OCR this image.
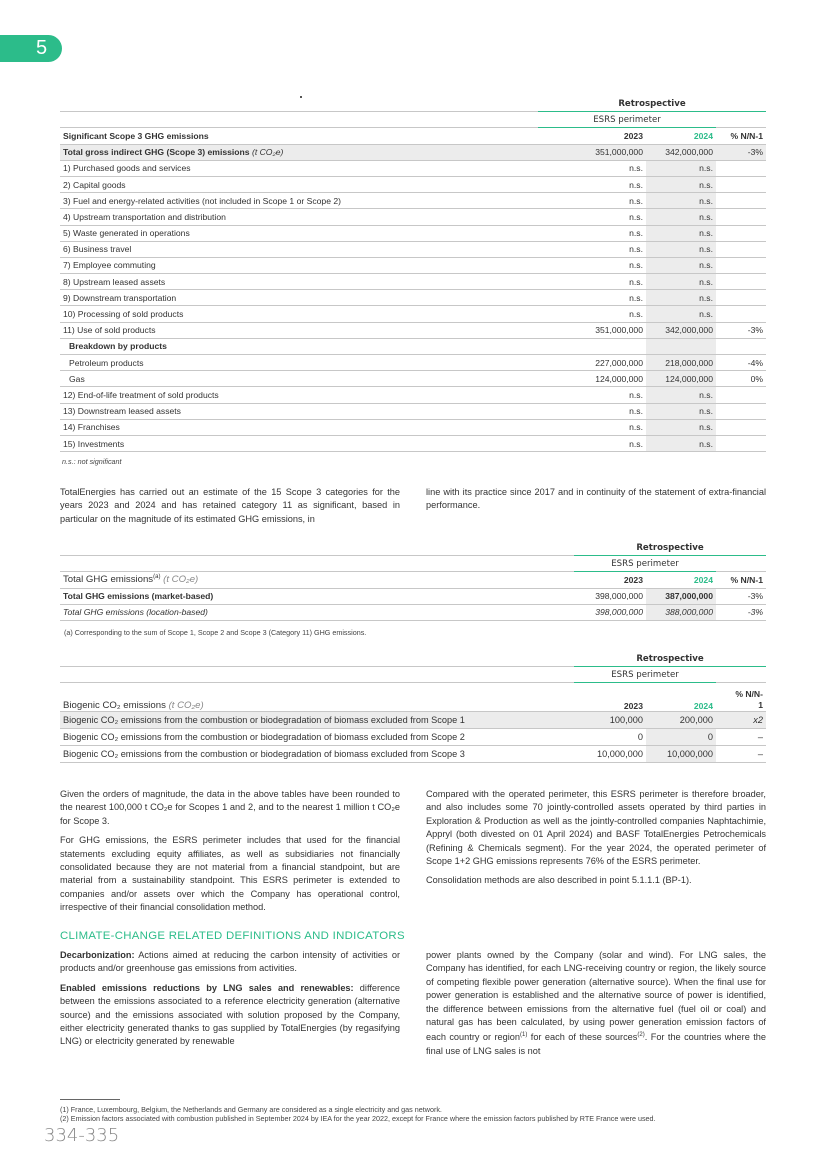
5
	Retrospective		
	ESRS perimeter		
Significant Scope 3 GHG emissions	2023	2024	% N/N-1
Total gross indirect GHG (Scope 3) emissions (t CO₂e)	351,000,000	342,000,000	-3%
1) Purchased goods and services	n.s.	n.s.	
2) Capital goods	n.s.	n.s.	
3) Fuel and energy-related activities (not included in Scope 1 or Scope 2)	n.s.	n.s.	
4) Upstream transportation and distribution	n.s.	n.s.	
5) Waste generated in operations	n.s.	n.s.	
6) Business travel	n.s.	n.s.	
7) Employee commuting	n.s.	n.s.	
8) Upstream leased assets	n.s.	n.s.	
9) Downstream transportation	n.s.	n.s.	
10) Processing of sold products	n.s.	n.s.	
11) Use of sold products	351,000,000	342,000,000	-3%
Breakdown by products			
Petroleum products	227,000,000	218,000,000	-4%
Gas	124,000,000	124,000,000	0%
12) End-of-life treatment of sold products	n.s.	n.s.	
13) Downstream leased assets	n.s.	n.s.	
14) Franchises	n.s.	n.s.	
15) Investments	n.s.	n.s.	
n.s.: not significant
TotalEnergies has carried out an estimate of the 15 Scope 3 categories for the years 2023 and 2024 and has retained category 11 as significant, based in particular on the magnitude of its estimated GHG emissions, in
line with its practice since 2017 and in continuity of the statement of extra-financial performance.
	Retrospective		
	ESRS perimeter		
Total GHG emissions$^{(a)}$ (t CO₂e)	2023	2024	% N/N-1
Total GHG emissions (market-based)	398,000,000	387,000,000	-3%
Total GHG emissions (location-based)	398,000,000	388,000,000	-3%
(a) Corresponding to the sum of Scope 1, Scope 2 and Scope 3 (Category 11) GHG emissions.
	Retrospective		
	ESRS perimeter		
Biogenic CO₂ emissions (t CO₂e)	2023	2024	% N/N-
1
Biogenic CO₂ emissions from the combustion or biodegradation of biomass excluded from Scope 1	100,000	200,000	x2
Biogenic CO₂ emissions from the combustion or biodegradation of biomass excluded from Scope 2	0	0	–
Biogenic CO₂ emissions from the combustion or biodegradation of biomass excluded from Scope 3	10,000,000	10,000,000	–

Given the orders of magnitude, the data in the above tables have been rounded to the nearest 100,000 t CO₂e for Scopes 1 and 2, and to the nearest 1 million t CO₂e for Scope 3.

For GHG emissions, the ESRS perimeter includes that used for the financial statements excluding equity affiliates, as well as subsidiaries not financially consolidated because they are not material from a financial standpoint, but are material from a sustainability standpoint. This ESRS perimeter is extended to companies and/or assets over which the Company has operational control, irrespective of their financial consolidation method.

Compared with the operated perimeter, this ESRS perimeter is therefore broader, and also includes some 70 jointly-controlled assets operated by third parties in Exploration & Production as well as the jointly-controlled companies Naphtachimie, Appryl (both divested on 01 April 2024) and BASF TotalEnergies Petrochemicals (Refining & Chemicals segment). For the year 2024, the operated perimeter of Scope 1+2 GHG emissions represents 76% of the ESRS perimeter.

Consolidation methods are also described in point 5.1.1.1 (BP-1).

CLIMATE-CHANGE RELATED DEFINITIONS AND INDICATORS

Decarbonization: Actions aimed at reducing the carbon intensity of activities or products and/or greenhouse gas emissions from activities.

Enabled emissions reductions by LNG sales and renewables: difference between the emissions associated to a reference electricity generation (alternative source) and the emissions associated with solution proposed by the Company, either electricity generated thanks to gas supplied by TotalEnergies (by regasifying LNG) or electricity generated by renewable

power plants owned by the Company (solar and wind). For LNG sales, the Company has identified, for each LNG-receiving country or region, the likely source of competing flexible power generation (alternative source). When the final use for power generation is established and the alternative source of power is identified, the difference between emissions from the alternative fuel (fuel oil or coal) and natural gas has been calculated, by using power generation emission factors of each country or region$^{(1)}$ for each of these sources$^{(2)}$. For the countries where the final use of LNG sales is not

(1) France, Luxembourg, Belgium, the Netherlands and Germany are considered as a single electricity and gas network.
(2) Emission factors associated with combustion published in September 2024 by IEA for the year 2022, except for France where the emission factors published by RTE France were used.
334-335
